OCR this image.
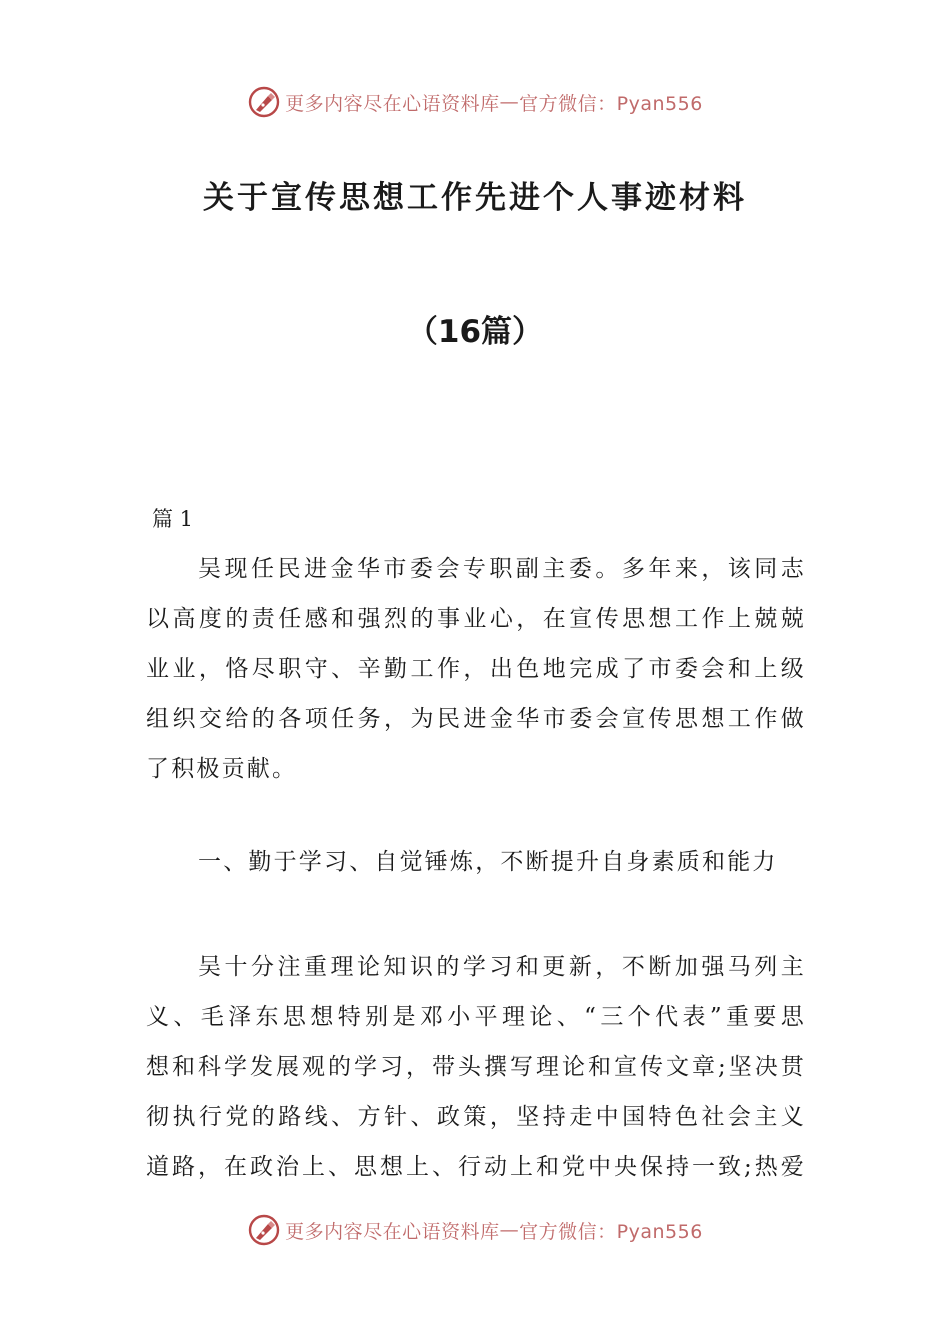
更多内容尽在心语资料库 — 官方微信：Pyan556
关于宣传思想工作先进个人事迹材料
（16篇）
篇 1
吴现任民进金华市委会专职副主委。多年来，该同志
以高度的责任感和强烈的事业心，在宣传思想工作上兢兢
业业，恪尽职守、辛勤工作，出色地完成了市委会和上级
组织交给的各项任务，为民进金华市委会宣传思想工作做
了积极贡献。
一、勤于学习、自觉锤炼，不断提升自身素质和能力
吴十分注重理论知识的学习和更新，不断加强马列主
义、毛泽东思想特别是邓小平理论、“三个代表”重要思
想和科学发展观的学习，带头撰写理论和宣传文章;坚决贯
彻执行党的路线、方针、政策，坚持走中国特色社会主义
道路，在政治上、思想上、行动上和党中央保持一致;热爱
更多内容尽在心语资料库 — 官方微信：Pyan556
